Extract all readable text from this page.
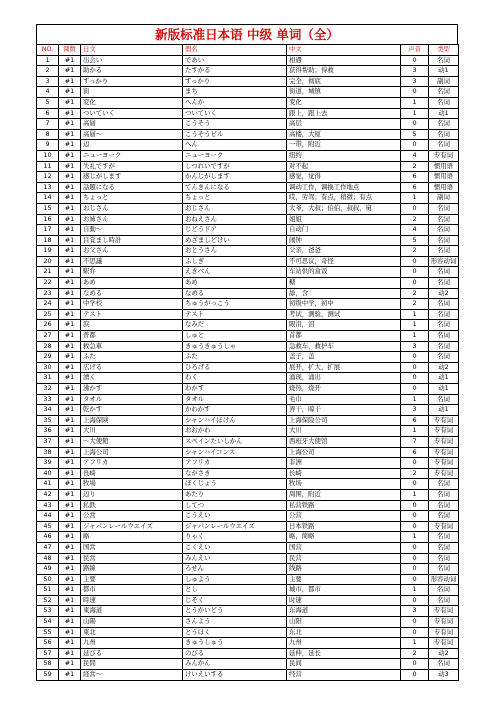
新版标准日本语 中级 单词（全）
NO.	课数	日文	假名	中文	声音	类型
1	#1	出会い	であい	相遇	0	名词
2	#1	助かる	たすかる	获得帮助；得救	3	动1
3	#1	すっかり	すっかり	完全，彻底	3	副词
4	#1	街	まち	街道，城镇	0	名词
5	#1	変化	へんか	变化	1	名词
6	#1	ついていく	ついていく	跟上，跟上去	1	动1
7	#1	高層	こうそう	高层	0	名词
8	#1	高層～	こうそうビル	高楼，大厦	5	名词
9	#1	辺	へん	一带，附近	0	名词
10	#1	ニューヨーク	ニューヨーク	纽约	4	专有词
11	#1	失礼ですが	しつれいですが	对不起	2	惯用语
12	#1	感じがします	かんじがします	感觉，觉得	6	惯用语
13	#1	話題になる	てんきんになる	调动工作，调换工作地点	6	惯用语
14	#1	ちょっと	ちょっと	哎，劳驾；有点，稍微；有点	1	副词
15	#1	おじさん	おじさん	大爷，大叔；伯伯，叔叔，舅	0	名词
16	#1	お姉さん	おねえさん	姐姐	2	名词
17	#1	自動～	じどうドア	自动门	4	名词
18	#1	目覚まし時計	めざましどけい	闹钟	5	名词
19	#1	お父さん	おとうさん	父亲，爸爸	2	名词
20	#1	不思議	ふしぎ	不可思议，奇怪	0	形容动词
21	#1	駅弁	えきべん	车站供的盒饭	0	名词
22	#1	あめ	あめ	糖	0	名词
23	#1	なめる	なめる	舔，含	2	动2
24	#1	中学校	ちゅうがっこう	初级中学，初中	2	名词
25	#1	テスト	テスト	考试，测验，测试	1	名词
26	#1	涙	なみだ	眼泪，泪	1	名词
27	#1	普都	しゅと	首都	1	名词
28	#1	救急車	きゅうきゅうしゃ	急救车，救护车	3	名词
29	#1	ふた	ふた	盖子，盖	0	名词
30	#1	広げる	ひろげる	展开，扩大，扩展	0	动2
31	#1	湧く	わく	涌现，涌出	0	动1
32	#1	沸かす	わかす	烧热，烧开	0	动1
33	#1	タオル	タオル	毛巾	1	名词
34	#1	乾かす	かわかす	弄干，晾干	3	动1
35	#1	上海保険	シャンハイほけん	上海保险公司	6	专有词
36	#1	大川	おおかわ	大川	1	专有词
37	#1	～大使館	スペインたいしかん	西班牙大使馆	7	专有词
38	#1	上海公司	シャンハイコンス	上海公司	6	专有词
39	#1	アフリカ	アフリカ	非洲	0	专有词
40	#1	長崎	ながさき	长崎	2	专有词
41	#1	牧場	ぼくじょう	牧场	0	名词
42	#1	辺り	あたり	周围，附近	1	名词
43	#1	私鉄	してつ	私营铁路	0	名词
44	#1	公営	こうえい	公营	0	名词
45	#1	ジャパンレールウエイズ	ジャパンレールウエイズ	日本铁路	0	专有词
46	#1	略	りゃく	略，简略	1	名词
47	#1	国営	こくえい	国营	0	名词
48	#1	民営	みんえい	民营	0	名词
49	#1	路線	ろせん	线路	0	名词
50	#1	主要	しゅよう	主要	0	形容动词
51	#1	都市	とし	城市，都市	1	名词
52	#1	時速	じそく	时速	0	名词
53	#1	東海道	とうかいどう	东海道	3	专有词
54	#1	山陽	さんよう	山阳	0	专有词
55	#1	東北	とうほく	东北	0	专有词
56	#1	九州	きゅうしゅう	九州	1	专有词
57	#1	延びる	のびる	延伸，延长	2	动2
58	#1	民間	みんかん	民间	0	名词
59	#1	経営～	けいえいする	经营	0	动3
